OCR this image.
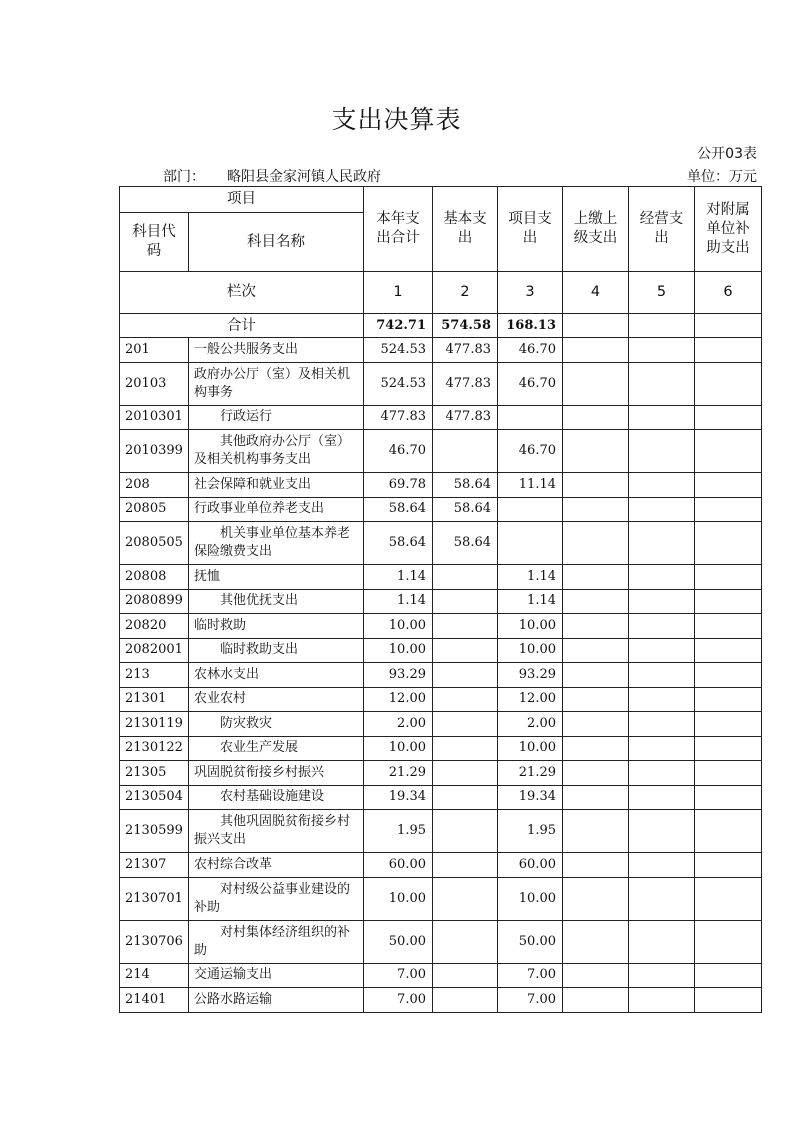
支出决算表
公开03表
部门： 略阳县金家河镇人民政府	单位：万元
项目		本年支出合计	基本支出	项目支出	上缴上级支出	经营支出	对附属单位补助支出

科目代码	科目名称						
栏次		1	2	3	4	5	6
合计		742.71	574.58	168.13			
201	一般公共服务支出	524.53	477.83	46.70			
20103	政府办公厅（室）及相关机构事务	524.53	477.83	46.70			
2010301	行政运行	477.83	477.83				
2010399	其他政府办公厅（室）及相关机构事务支出	46.70		46.70			
208	社会保障和就业支出	69.78	58.64	11.14			
20805	行政事业单位养老支出	58.64	58.64				
2080505	机关事业单位基本养老保险缴费支出	58.64	58.64				
20808	抚恤	1.14		1.14			
2080899	其他优抚支出	1.14		1.14			
20820	临时救助	10.00		10.00			
2082001	临时救助支出	10.00		10.00			
213	农林水支出	93.29		93.29			
21301	农业农村	12.00		12.00			
2130119	防灾救灾	2.00		2.00			
2130122	农业生产发展	10.00		10.00			
21305	巩固脱贫衔接乡村振兴	21.29		21.29			
2130504	农村基础设施建设	19.34		19.34			
2130599	其他巩固脱贫衔接乡村振兴支出	1.95		1.95			
21307	农村综合改革	60.00		60.00			
2130701	对村级公益事业建设的补助	10.00		10.00			
2130706	对村集体经济组织的补助	50.00		50.00			
214	交通运输支出	7.00		7.00			
21401	公路水路运输	7.00		7.00			
